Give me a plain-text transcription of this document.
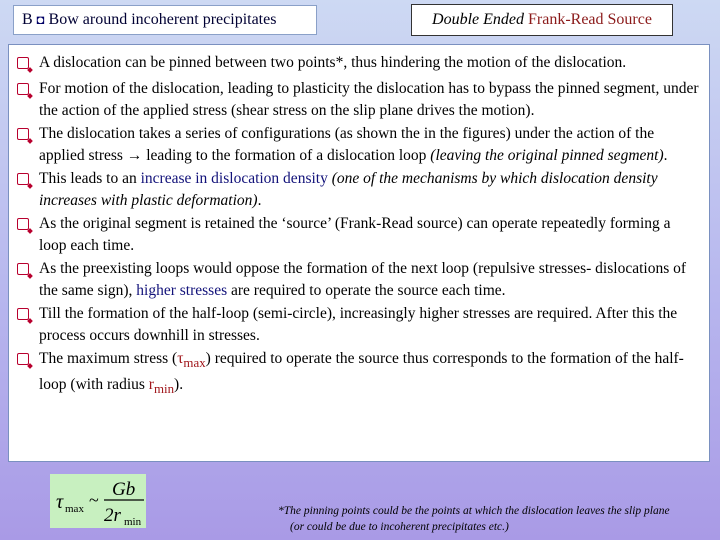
B ◘ Bow around incoherent precipitates	Double Ended Frank-Read Source
A dislocation can be pinned between two points*, thus hindering the motion of the dislocation.
For motion of the dislocation, leading to plasticity the dislocation has to bypass the pinned segment, under the action of the applied stress (shear stress on the slip plane drives the motion).
The dislocation takes a series of configurations (as shown the in the figures) under the action of the applied stress → leading to the formation of a dislocation loop (leaving the original pinned segment).
This leads to an increase in dislocation density (one of the mechanisms by which dislocation density increases with plastic deformation).
As the original segment is retained the ‘source’ (Frank-Read source) can operate repeatedly forming a loop each time.
As the preexisting loops would oppose the formation of the next loop (repulsive stresses- dislocations of the same sign), higher stresses are required to operate the source each time.
Till the formation of the half-loop (semi-circle), increasingly higher stresses are required. After this the process occurs downhill in stresses.
The maximum stress $(\tau_{max})$ required to operate the source thus corresponds to the formation of the half-loop (with radius $r_{min}$).
τ max ~ Gb
2r min
*The pinning points could be the points at which the dislocation leaves the slip plane
(or could be due to incoherent precipitates etc.)
